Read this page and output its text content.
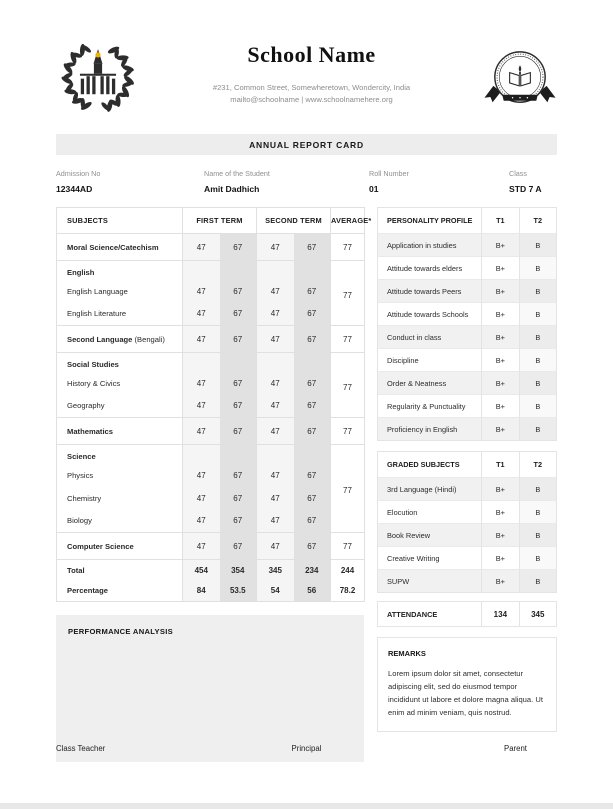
School Name
#231, Common Street, Somewheretown, Wondercity, India
mailto@schoolname | www.schoolnamehere.org
ANNUAL REPORT CARD
Admission No
12344AD
Name of the Student
Amit Dadhich
Roll Number
01
Class
STD 7 A
SUBJECTS	FIRST TERM		SECOND TERM		AVERAGE*
Moral Science/Catechism	47	67	47	67	77
English					77
English Language	47	67	47	67	
English Literature	47	67	47	67	
Second Language (Bengali)	47	67	47	67	77
Social Studies					77
History & Civics	47	67	47	67	
Geography	47	67	47	67	
Mathematics	47	67	47	67	77
Science					77
Physics	47	67	47	67	
Chemistry	47	67	47	67	
Biology	47	67	47	67	
Computer Science	47	67	47	67	77
Total	454	354	345	234	244
Percentage	84	53.5	54	56	78.2
PERFORMANCE ANALYSIS
PERSONALITY PROFILE	T1	T2
Application in studies	B+	B
Attitude towards elders	B+	B
Attitude towards Peers	B+	B
Attitude towards Schools	B+	B
Conduct in class	B+	B
Discipline	B+	B
Order & Neatness	B+	B
Regularity & Punctuality	B+	B
Proficiency in English	B+	B
GRADED SUBJECTS	T1	T2
3rd Language (Hindi)	B+	B
Elocution	B+	B
Book Review	B+	B
Creative Writing	B+	B
SUPW	B+	B
ATTENDANCE	134	345
REMARKS
Lorem ipsum dolor sit amet, consectetur adipiscing elit, sed do eiusmod tempor incididunt ut labore et dolore magna aliqua. Ut enim ad minim veniam, quis nostrud.
Class Teacher	Principal	Parent
